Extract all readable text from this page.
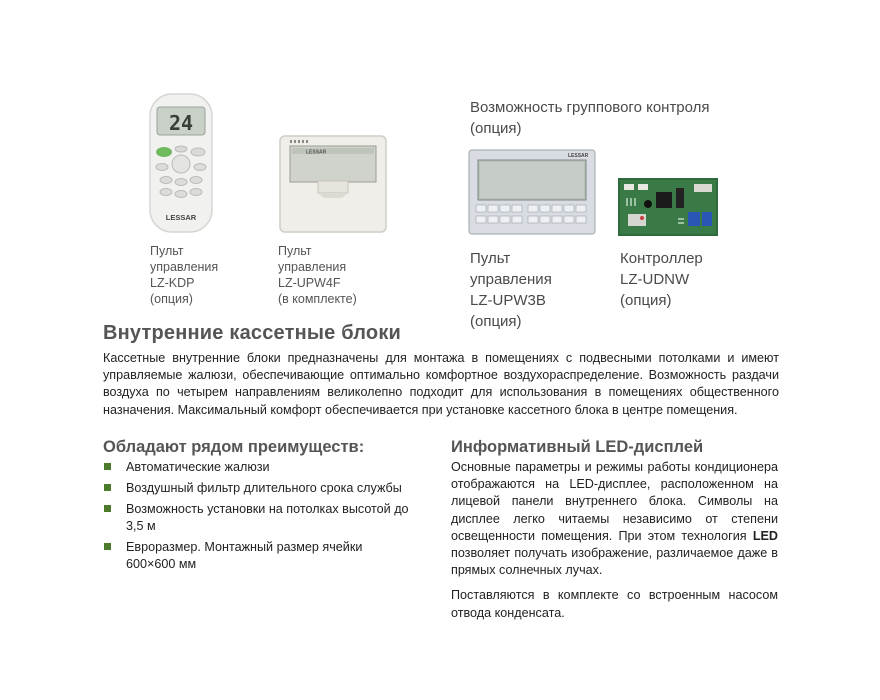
24
LESSAR
Пульт
управления
LZ-KDP
(опция)
LESSAR
Пульт
управления
LZ-UPW4F
(в комплекте)
Возможность группового контроля
(опция)
LESSAR
Пульт
управления
LZ-UPW3B
(опция)
Контроллер
LZ-UDNW
(опция)
Внутренние кассетные блоки
Кассетные внутренние блоки предназначены для монтажа в помещениях с подвесными потолками и имеют управляемые жалюзи, обеспечивающие оптимально комфортное воздухораспределение. Возможность раздачи воздуха по четырем направлениям великолепно подходит для использования в помещениях общественного назначения. Максимальный комфорт обеспечивается при установке кассетного блока в центре помещения.
Обладают рядом преимуществ:
Автоматические жалюзи
Воздушный фильтр длительного срока службы
Возможность установки на потолках высотой до 3,5 м
Евроразмер. Монтажный размер ячейки 600×600 мм
Информативный LED-дисплей

Основные параметры и режимы работы кондиционера отображаются на LED-дисплее, расположенном на лицевой панели внутреннего блока. Символы на дисплее легко читаемы независимо от степени освещенности помещения. При этом технология LED позволяет получать изображение, различаемое даже в прямых солнечных лучах.

Поставляются в комплекте со встроенным насосом отвода конденсата.
